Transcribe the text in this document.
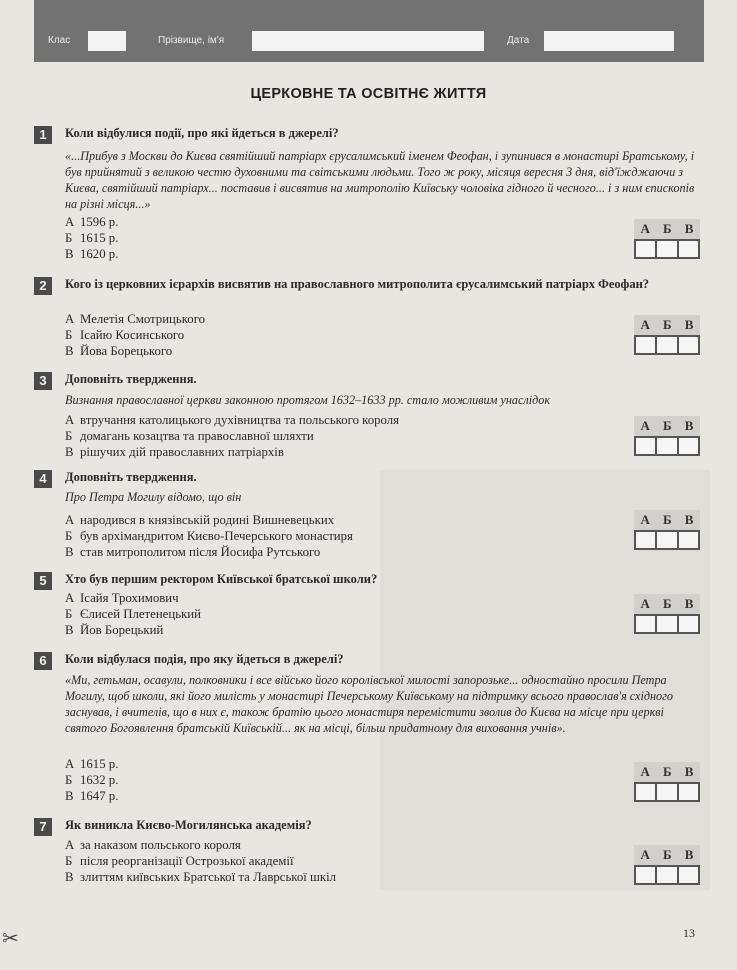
Клас	Прізвище, ім'я	Дата
ЦЕРКОВНЕ ТА ОСВІТНЄ ЖИТТЯ
1	Коли відбулися події, про які йдеться в джерелі?
«...Прибув з Москви до Києва святійший патріарх єрусалимський іменем Феофан, і зупинився в монастирі Братському, і був прийнятий з великою честю духовними та світськими людьми. Того ж року, місяця вересня 3 дня, від'їжджаючи з Києва, святійший патріарх... поставив і висвятив на митрополію Київську чоловіка гідного й чесного... і з ним єпископів на різні місця...»
А 1596 р.
Б 1615 р.
В 1620 р.
А Б В
2	Кого із церковних ієрархів висвятив на православного митрополита єрусалимський патріарх Феофан?
А Мелетія Смотрицького
Б Ісайю Косинського
В Йова Борецького
А Б В
3	Доповніть твердження.
Визнання православної церкви законною протягом 1632–1633 рр. стало можливим унаслідок
А втручання католицького духівництва та польського короля
Б домагань козацтва та православної шляхти
В рішучих дій православних патріархів
А Б В
4	Доповніть твердження.
Про Петра Могилу відомо, що він
А народився в князівській родині Вишневецьких
Б був архімандритом Києво-Печерського монастиря
В став митрополитом після Йосифа Рутського
А Б В
5	Хто був першим ректором Київської братської школи?
А Ісайя Трохимович
Б Єлисей Плетенецький
В Йов Борецький
А Б В
6	Коли відбулася подія, про яку йдеться в джерелі?
«Ми, гетьман, осавули, полковники і все військо його королівської милості запорозьке... одностайно просили Петра Могилу, щоб школи, які його милість у монастирі Печерському Київському на підтримку всього православ'я східного заснував, і вчителів, що в них є, також братію цього монастиря перемістити зволив до Києва на місце при церкві святого Богоявлення братській Київській... як на місці, більш придатному для виховання учнів».
А 1615 р.
Б 1632 р.
В 1647 р.
А Б В
7	Як виникла Києво-Могилянська академія?
А за наказом польського короля
Б після реорганізації Острозької академії
В злиттям київських Братської та Лаврської шкіл
А Б В
13
✂
